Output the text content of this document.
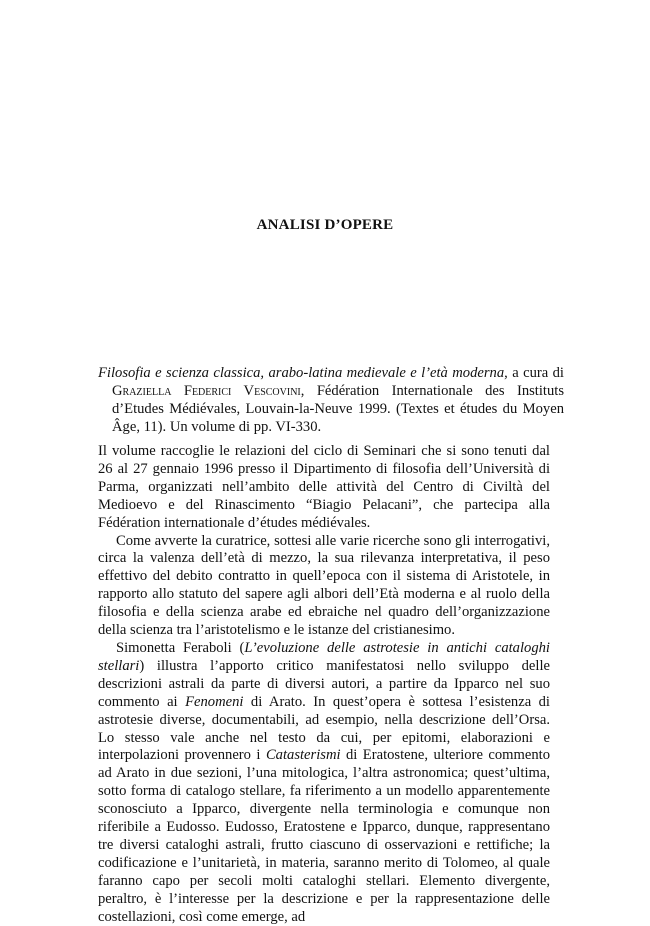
ANALISI D’OPERE
Filosofia e scienza classica, arabo-latina medievale e l’età moderna, a cura di Graziella Federici Vescovini, Fédération Internationale des Instituts d’Etudes Médiévales, Louvain-la-Neuve 1999. (Textes et études du Moyen Âge, 11). Un volume di pp. VI-330.

Il volume raccoglie le relazioni del ciclo di Seminari che si sono tenuti dal 26 al 27 gennaio 1996 presso il Dipartimento di filosofia dell’Università di Parma, organizzati nell’ambito delle attività del Centro di Civiltà del Medioevo e del Rinascimento “Biagio Pelacani”, che partecipa alla Fédération internationale d’études médiévales.

Come avverte la curatrice, sottesi alle varie ricerche sono gli interrogativi, circa la valenza dell’età di mezzo, la sua rilevanza interpretativa, il peso effettivo del debito contratto in quell’epoca con il sistema di Aristotele, in rapporto allo statuto del sapere agli albori dell’Età moderna e al ruolo della filosofia e della scienza arabe ed ebraiche nel quadro dell’organizzazione della scienza tra l’aristotelismo e le istanze del cristianesimo.

Simonetta Feraboli (L’evoluzione delle astrotesie in antichi cataloghi stellari) illustra l’apporto critico manifestatosi nello sviluppo delle descrizioni astrali da parte di diversi autori, a partire da Ipparco nel suo commento ai Fenomeni di Arato. In quest’opera è sottesa l’esistenza di astrotesie diverse, documentabili, ad esempio, nella descrizione dell’Orsa. Lo stesso vale anche nel testo da cui, per epitomi, elaborazioni e interpolazioni provennero i Catasterismi di Eratostene, ulteriore commento ad Arato in due sezioni, l’una mitologica, l’altra astronomica; quest’ultima, sotto forma di catalogo stellare, fa riferimento a un modello apparentemente sconosciuto a Ipparco, divergente nella terminologia e comunque non riferibile a Eudosso. Eudosso, Eratostene e Ipparco, dunque, rappresentano tre diversi cataloghi astrali, frutto ciascuno di osservazioni e rettifiche; la codificazione e l’unitarietà, in materia, saranno merito di Tolomeo, al quale faranno capo per secoli molti cataloghi stellari. Elemento divergente, peraltro, è l’interesse per la descrizione e per la rappresentazione delle costellazioni, così come emerge, ad
